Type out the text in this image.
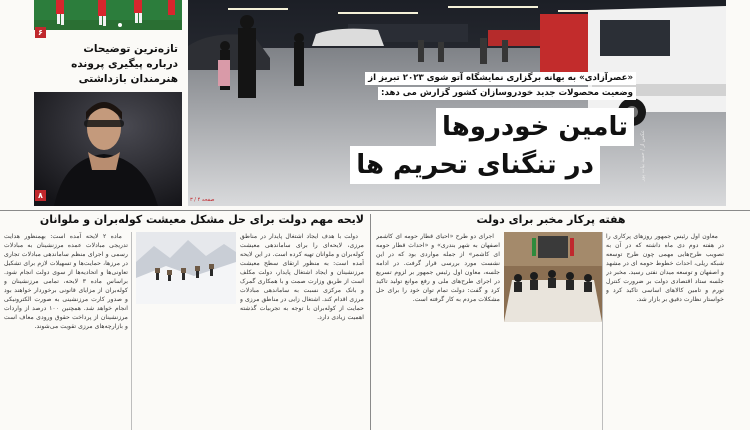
۶
تازه‌ترین توضیحات
درباره پیگیری پرونده
هنرمندان بازداشتی
۸
«عصرآزادی» به بهانه برگزاری نمایشگاه آتو شوی ۲۰۲۳ تبریز از
وضعیت محصولات جدید خودروسازان کشور گزارش می دهد:
تامین خودروها
در تنگنای تحریم ها	عکس از / حمید بیات پور
صفحه ۴ / ۳
لایحه مهم دولت برای حل مشکل معیشت کوله‌بران و ملوانان

ماده ۲ لایحه آمده است: بهمنظور هدایت تدریجی مبادلات عمده مرزنشینان به مبادلات رسمی و اجرای منظم ساماندهی مبادلات تجاری در مرزها، حمایت‌ها و تسهیلات لازم برای تشکیل تعاونی‌ها و اتحادیه‌ها از سوی دولت انجام شود. براساس ماده ۳ لایحه، تمامی مرزنشینان و کوله‌بران از مزایای قانونی برخوردار خواهند بود و صدور کارت مرزنشینی به صورت الکترونیکی انجام خواهد شد. همچنین ۱۰۰ درصد از واردات مرزنشینان از پرداخت حقوق ورودی معاف است و بازارچه‌های مرزی تقویت می‌شوند.

دولت با هدف ایجاد اشتغال پایدار در مناطق مرزی، لایحه‌ای را برای ساماندهی معیشت کوله‌بران و ملوانان تهیه کرده است. در این لایحه آمده است: به منظور ارتقای سطح معیشت مرزنشینان و ایجاد اشتغال پایدار، دولت مکلف است از طریق وزارت صمت و با همکاری گمرک و بانک مرکزی نسبت به ساماندهی مبادلات مرزی اقدام کند. اشتغال زایی در مناطق مرزی و حمایت از کوله‌بران با توجه به تجربیات گذشته اهمیت زیادی دارد.

هفته پرکار مخبر برای دولت

اجرای دو طرح «احیای قطار حومه ای کاشمر اصفهان به شهر بندری» و «احداث قطار حومه ای کاشمر» از جمله مواردی بود که در این نشست مورد بررسی قرار گرفت. در ادامه جلسه، معاون اول رئیس جمهور بر لزوم تسریع در اجرای طرح‌های ملی و رفع موانع تولید تاکید کرد و گفت: دولت تمام توان خود را برای حل مشکلات مردم به کار گرفته است.

معاون اول رئیس جمهور روزهای پرکاری را در هفته دوم دی ماه داشته که در آن به تصویب طرح‌هایی مهمی چون طرح توسعه شبکه ریلی، احداث خطوط حومه ای در مشهد و اصفهان و توسعه میدان نفتی رسید. مخبر در جلسه ستاد اقتصادی دولت بر ضرورت کنترل تورم و تامین کالاهای اساسی تاکید کرد و خواستار نظارت دقیق بر بازار شد.
